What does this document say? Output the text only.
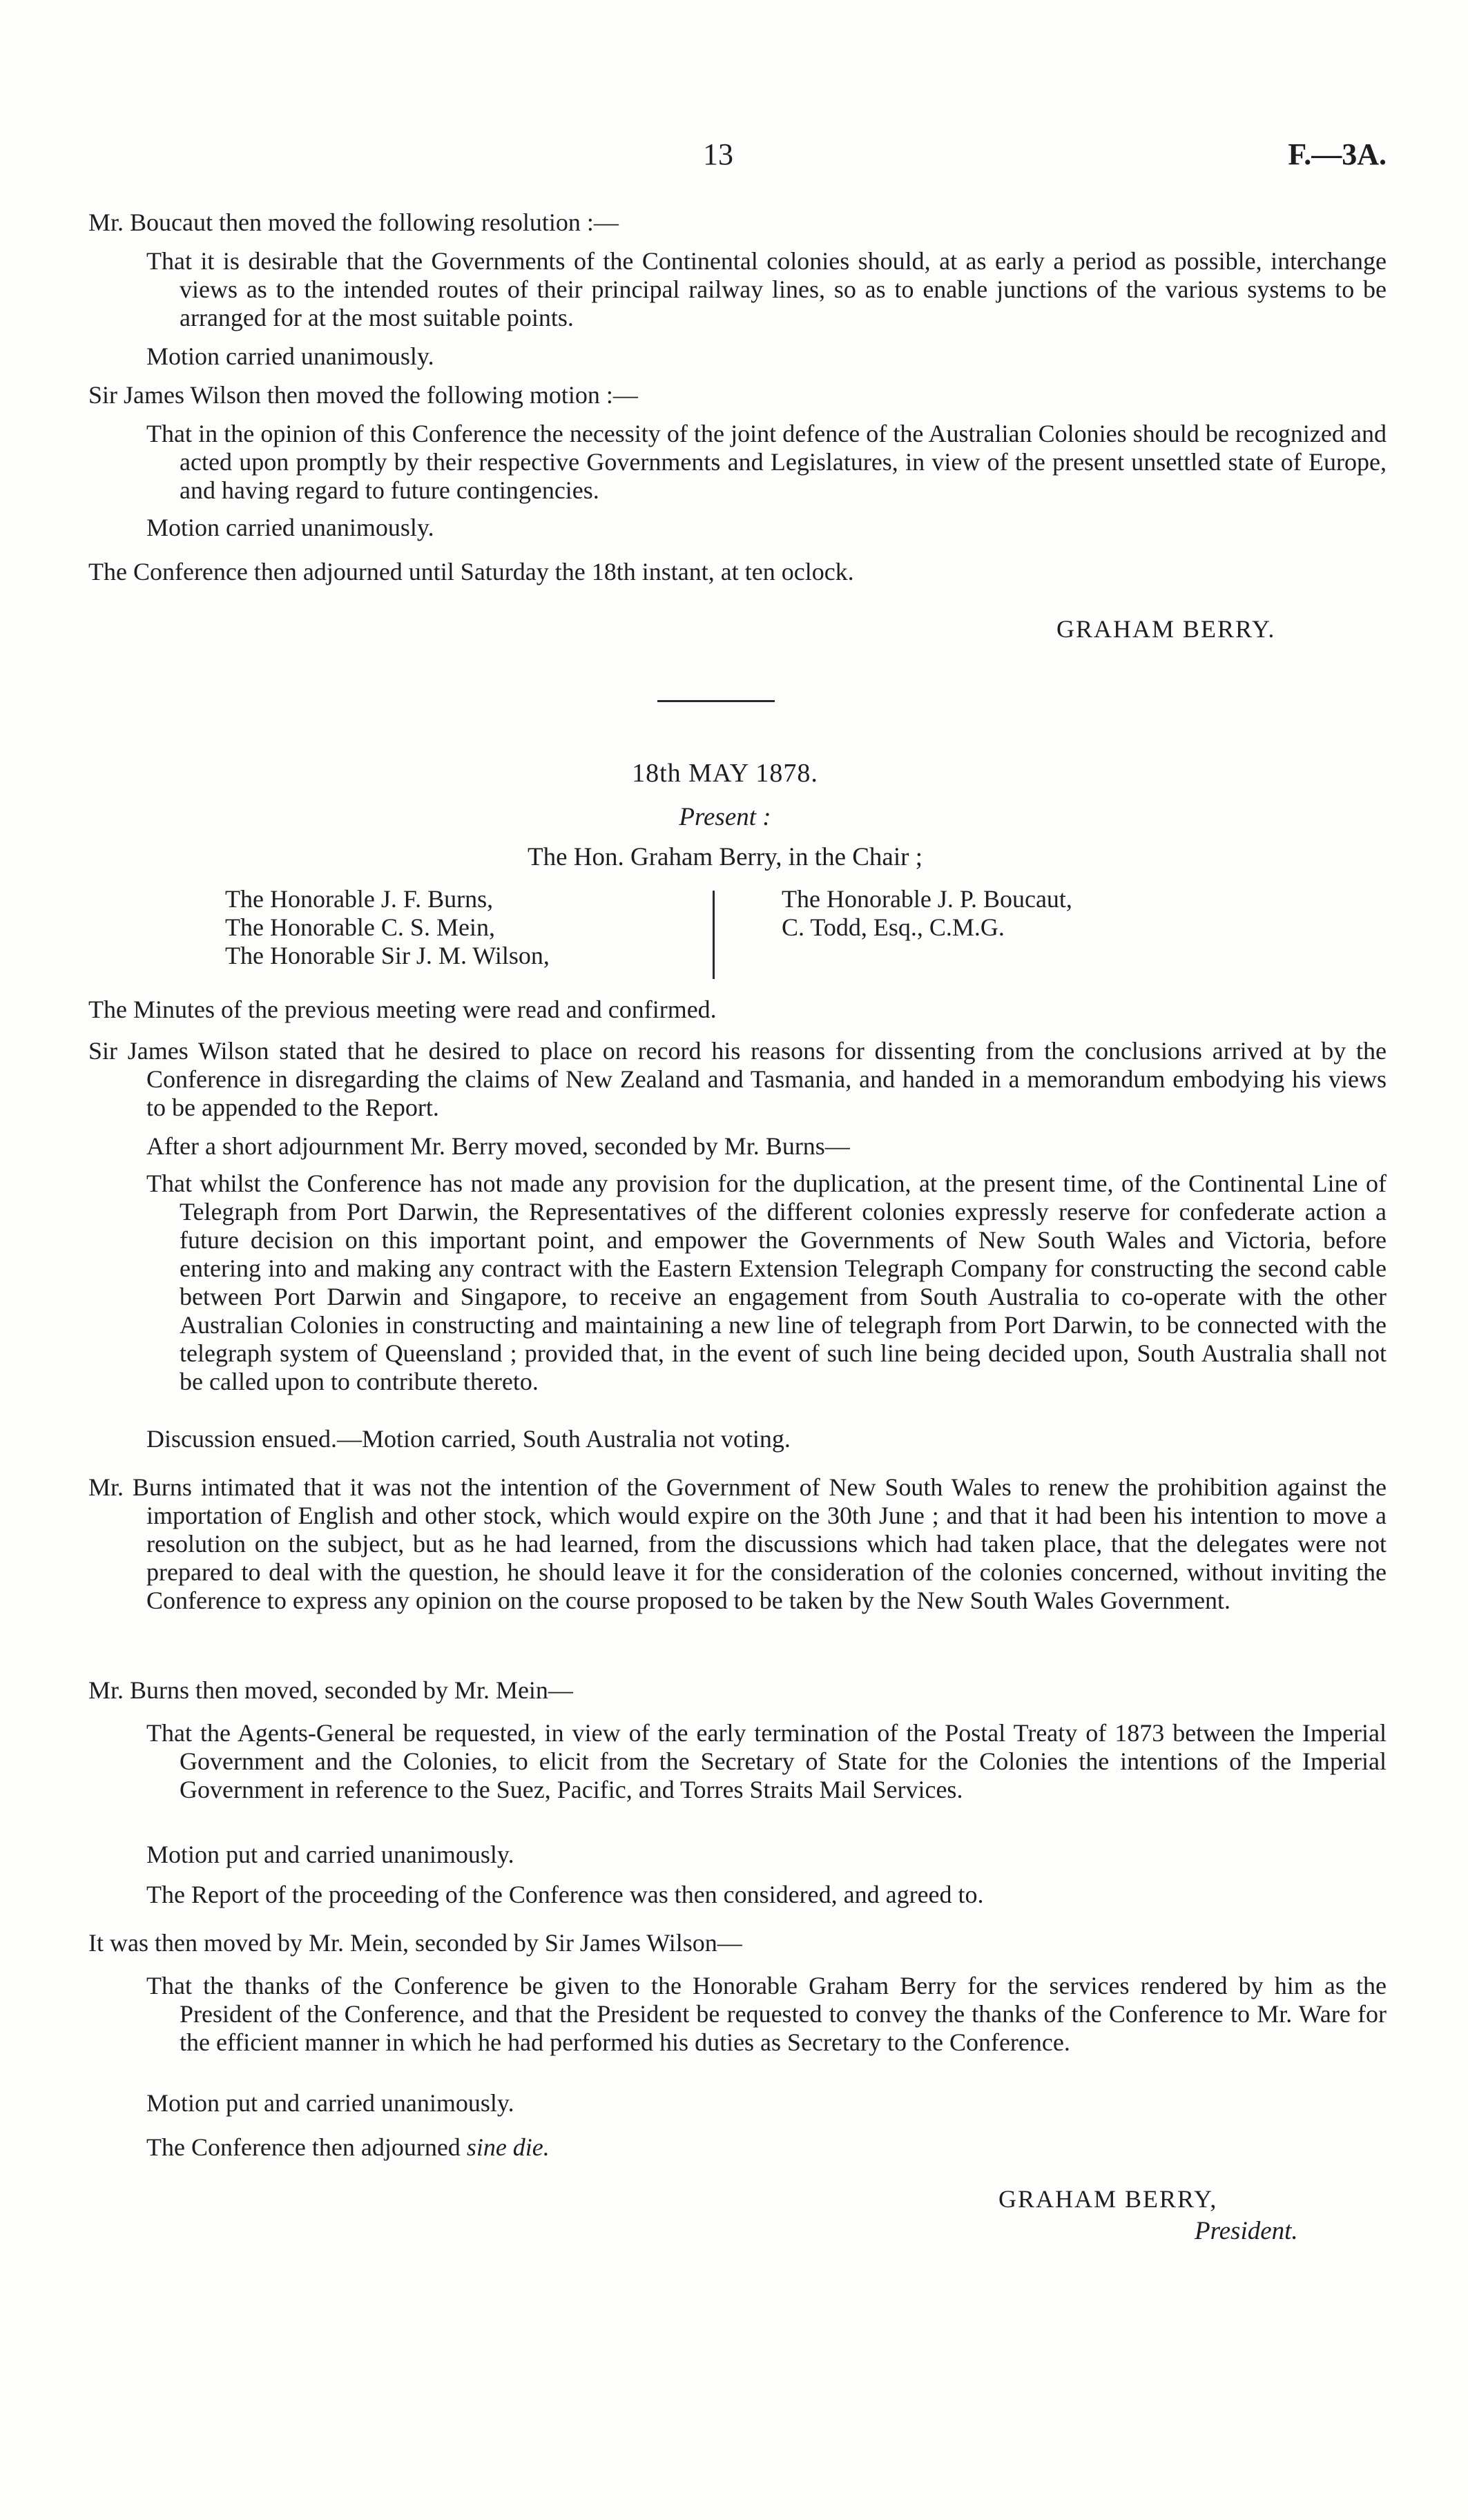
13	F.—3A.

Mr. Boucaut then moved the following resolution :—

That it is desirable that the Governments of the Continental colonies should, at as early a period as possible, interchange views as to the intended routes of their principal railway lines, so as to enable junctions of the various systems to be arranged for at the most suitable points.

Motion carried unanimously.

Sir James Wilson then moved the following motion :—

That in the opinion of this Conference the necessity of the joint defence of the Australian Colonies should be recognized and acted upon promptly by their respective Governments and Legislatures, in view of the present unsettled state of Europe, and having regard to future contingencies.

Motion carried unanimously.

The Conference then adjourned until Saturday the 18th instant, at ten oclock.

GRAHAM BERRY.
18th MAY 1878.
Present :
The Hon. Graham Berry, in the Chair ;
The Honorable J. F. Burns,
The Honorable C. S. Mein,
The Honorable Sir J. M. Wilson,
The Honorable J. P. Boucaut,
C. Todd, Esq., C.M.G.

The Minutes of the previous meeting were read and confirmed.

Sir James Wilson stated that he desired to place on record his reasons for dissenting from the conclusions arrived at by the Conference in disregarding the claims of New Zealand and Tasmania, and handed in a memorandum embodying his views to be appended to the Report.

After a short adjournment Mr. Berry moved, seconded by Mr. Burns—

That whilst the Conference has not made any provision for the duplication, at the present time, of the Continental Line of Telegraph from Port Darwin, the Representatives of the different colonies expressly reserve for confederate action a future decision on this important point, and empower the Governments of New South Wales and Victoria, before entering into and making any contract with the Eastern Extension Telegraph Company for constructing the second cable between Port Darwin and Singapore, to receive an engagement from South Australia to co-operate with the other Australian Colonies in constructing and maintaining a new line of telegraph from Port Darwin, to be connected with the telegraph system of Queensland ; provided that, in the event of such line being decided upon, South Australia shall not be called upon to contribute thereto.

Discussion ensued.—Motion carried, South Australia not voting.

Mr. Burns intimated that it was not the intention of the Government of New South Wales to renew the prohibition against the importation of English and other stock, which would expire on the 30th June ; and that it had been his intention to move a resolution on the subject, but as he had learned, from the discussions which had taken place, that the delegates were not prepared to deal with the question, he should leave it for the consideration of the colonies concerned, without inviting the Conference to express any opinion on the course proposed to be taken by the New South Wales Government.

Mr. Burns then moved, seconded by Mr. Mein—

That the Agents-General be requested, in view of the early termination of the Postal Treaty of 1873 between the Imperial Government and the Colonies, to elicit from the Secretary of State for the Colonies the intentions of the Imperial Government in reference to the Suez, Pacific, and Torres Straits Mail Services.

Motion put and carried unanimously.

The Report of the proceeding of the Conference was then considered, and agreed to.

It was then moved by Mr. Mein, seconded by Sir James Wilson—

That the thanks of the Conference be given to the Honorable Graham Berry for the services rendered by him as the President of the Conference, and that the President be requested to convey the thanks of the Conference to Mr. Ware for the efficient manner in which he had performed his duties as Secretary to the Conference.

Motion put and carried unanimously.

The Conference then adjourned sine die.

GRAHAM BERRY,
President.
